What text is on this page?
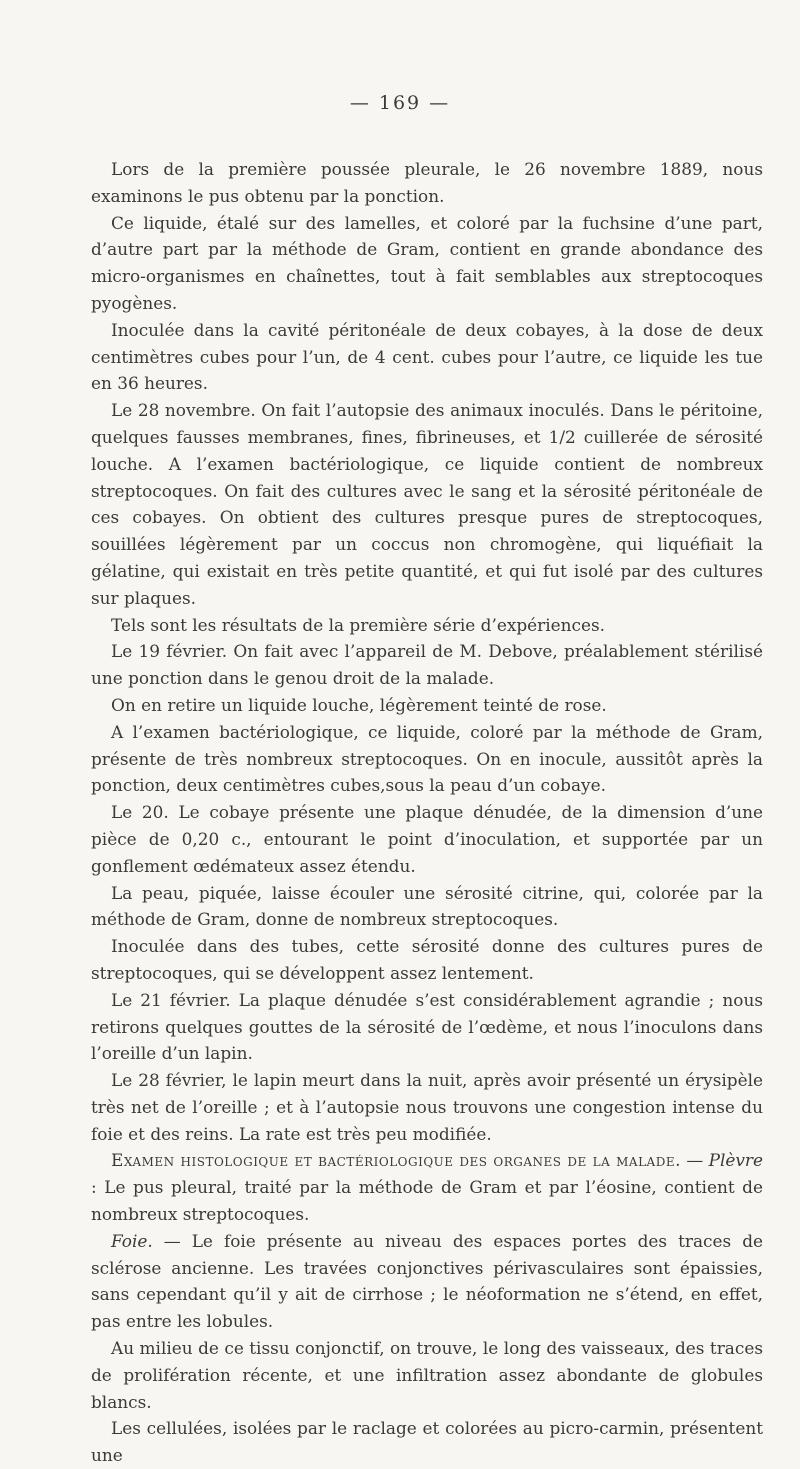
— 169 —

Lors de la première poussée pleurale, le 26 novembre 1889, nous examinons le pus obtenu par la ponction.

Ce liquide, étalé sur des lamelles, et coloré par la fuchsine d’une part, d’autre part par la méthode de Gram, contient en grande abondance des micro-organismes en chaînettes, tout à fait semblables aux streptocoques pyogènes.

Inoculée dans la cavité péritonéale de deux cobayes, à la dose de deux centimètres cubes pour l’un, de 4 cent. cubes pour l’autre, ce liquide les tue en 36 heures.

Le 28 novembre. On fait l’autopsie des animaux inoculés. Dans le péritoine, quelques fausses membranes, fines, fibrineuses, et 1/2 cuillerée de sérosité louche. A l’examen bactériologique, ce liquide contient de nombreux streptocoques. On fait des cultures avec le sang et la sérosité péritonéale de ces cobayes. On obtient des cultures presque pures de streptocoques, souillées légèrement par un coccus non chromogène, qui liquéfiait la gélatine, qui existait en très petite quantité, et qui fut isolé par des cultures sur plaques.

Tels sont les résultats de la première série d’expériences.

Le 19 février. On fait avec l’appareil de M. Debove, préalablement stérilisé une ponction dans le genou droit de la malade.

On en retire un liquide louche, légèrement teinté de rose.

A l’examen bactériologique, ce liquide, coloré par la méthode de Gram, présente de très nombreux streptocoques. On en inocule, aussitôt après la ponction, deux centimètres cubes,sous la peau d’un cobaye.

Le 20. Le cobaye présente une plaque dénudée, de la dimension d’une pièce de 0,20 c., entourant le point d’inoculation, et supportée par un gonflement œdémateux assez étendu.

La peau, piquée, laisse écouler une sérosité citrine, qui, colorée par la méthode de Gram, donne de nombreux streptocoques.

Inoculée dans des tubes, cette sérosité donne des cultures pures de streptocoques, qui se développent assez lentement.

Le 21 février. La plaque dénudée s’est considérablement agrandie ; nous retirons quelques gouttes de la sérosité de l’œdème, et nous l’inoculons dans l’oreille d’un lapin.

Le 28 février, le lapin meurt dans la nuit, après avoir présenté un érysipèle très net de l’oreille ; et à l’autopsie nous trouvons une congestion intense du foie et des reins. La rate est très peu modifiée.

Examen histologique et bactériologique des organes de la malade. — Plèvre : Le pus pleural, traité par la méthode de Gram et par l’éosine, contient de nombreux streptocoques.

Foie. — Le foie présente au niveau des espaces portes des traces de sclérose ancienne. Les travées conjonctives périvasculaires sont épaissies, sans cependant qu’il y ait de cirrhose ; le néoformation ne s’étend, en effet, pas entre les lobules.

Au milieu de ce tissu conjonctif, on trouve, le long des vaisseaux, des traces de prolifération récente, et une infiltration assez abondante de globules blancs.

Les cellulées, isolées par le raclage et colorées au picro-carmin, présentent une
